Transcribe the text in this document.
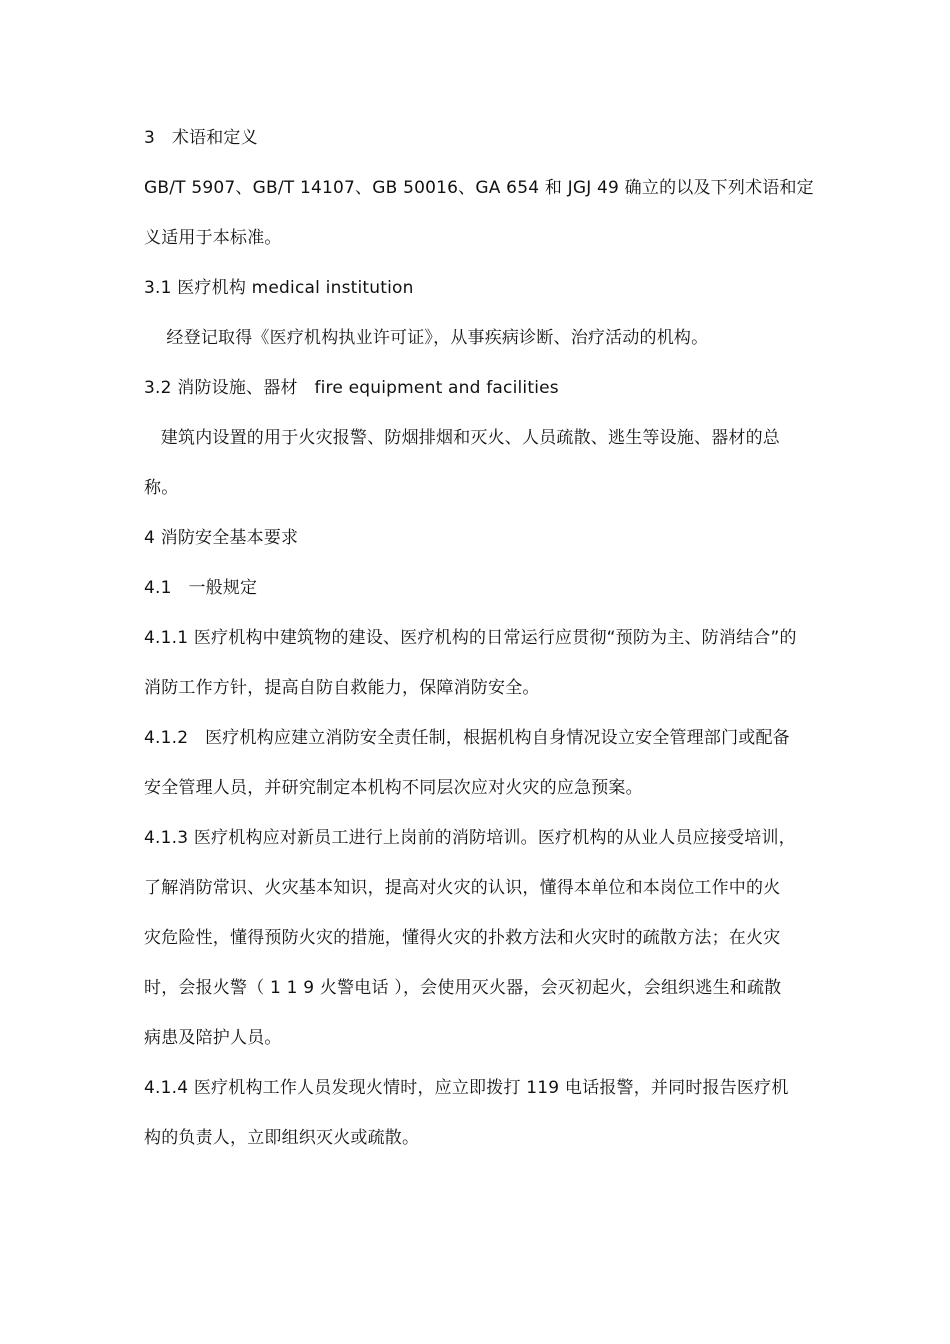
3   术语和定义
GB/T 5907、GB/T 14107、GB 50016、GA 654 和 JGJ 49 确立的以及下列术语和定
义适用于本标准。
3.1 医疗机构 medical institution
经登记取得《医疗机构执业许可证》，从事疾病诊断、治疗活动的机构。
3.2 消防设施、器材   fire equipment and facilities
建筑内设置的用于火灾报警、防烟排烟和灭火、人员疏散、逃生等设施、器材的总
称。
4 消防安全基本要求
4.1   一般规定
4.1.1 医疗机构中建筑物的建设、医疗机构的日常运行应贯彻“预防为主、防消结合”的
消防工作方针，提高自防自救能力，保障消防安全。
4.1.2   医疗机构应建立消防安全责任制，根据机构自身情况设立安全管理部门或配备
安全管理人员，并研究制定本机构不同层次应对火灾的应急预案。
4.1.3 医疗机构应对新员工进行上岗前的消防培训。医疗机构的从业人员应接受培训，
了解消防常识、火灾基本知识，提高对火灾的认识，懂得本单位和本岗位工作中的火
灾危险性，懂得预防火灾的措施，懂得火灾的扑救方法和火灾时的疏散方法；在火灾
时，会报火警（ 1 1 9 火警电话 ），会使用灭火器，会灭初起火，会组织逃生和疏散
病患及陪护人员。
4.1.4 医疗机构工作人员发现火情时，应立即拨打 119 电话报警，并同时报告医疗机
构的负责人，立即组织灭火或疏散。
